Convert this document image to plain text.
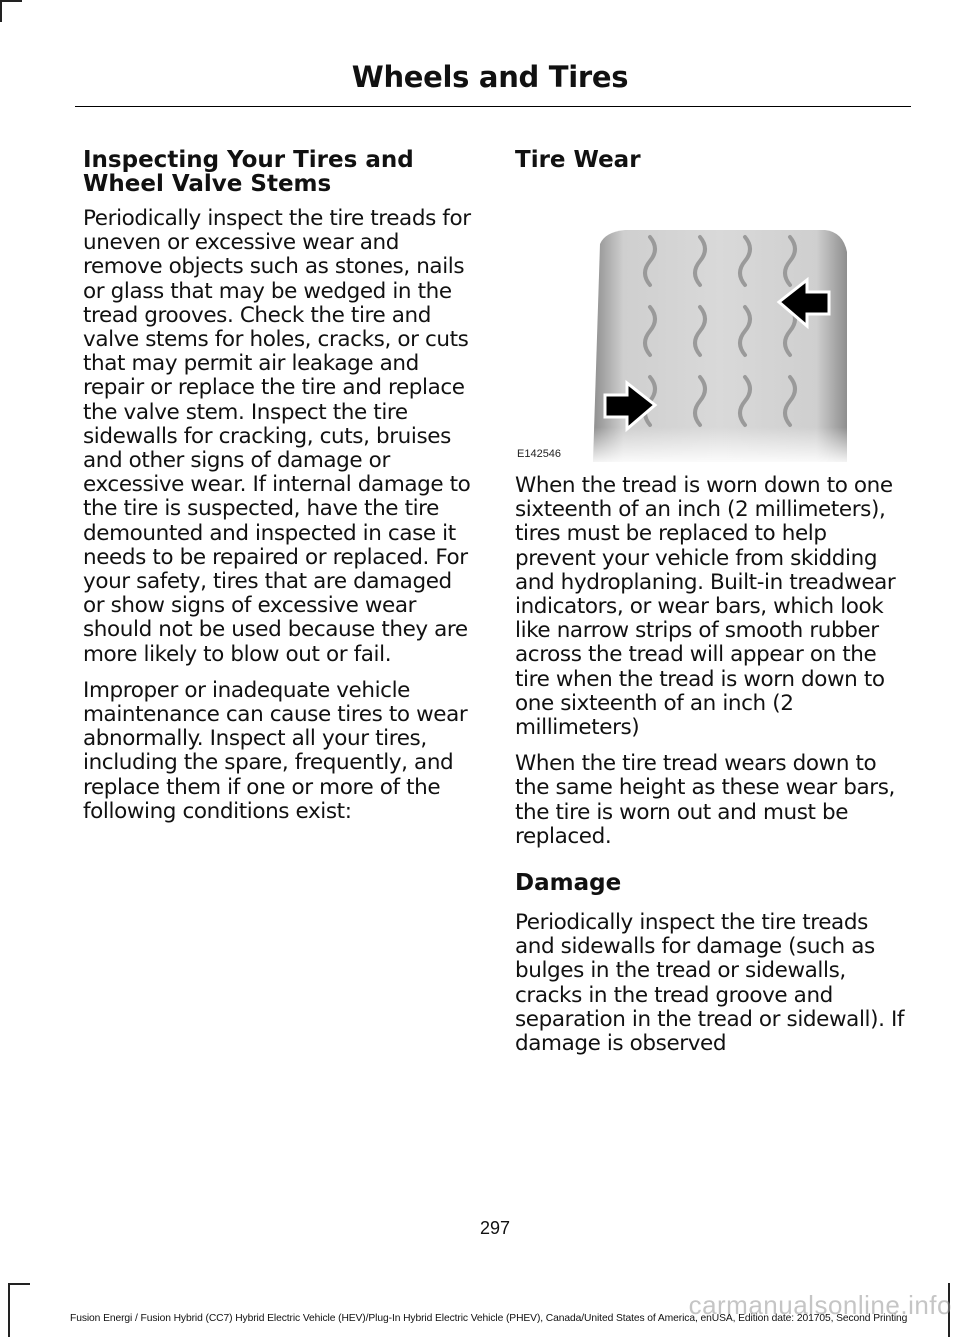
Wheels and Tires
Inspecting Your Tires and Wheel Valve Stems

Periodically inspect the tire treads for uneven or excessive wear and remove objects such as stones, nails or glass that may be wedged in the tread grooves. Check the tire and valve stems for holes, cracks, or cuts that may permit air leakage and repair or replace the tire and replace the valve stem. Inspect the tire sidewalls for cracking, cuts, bruises and other signs of damage or excessive wear. If internal damage to the tire is suspected, have the tire demounted and inspected in case it needs to be repaired or replaced. For your safety, tires that are damaged or show signs of excessive wear should not be used because they are more likely to blow out or fail.

Improper or inadequate vehicle maintenance can cause tires to wear abnormally. Inspect all your tires, including the spare, frequently, and replace them if one or more of the following conditions exist:

Tire Wear
E142546

When the tread is worn down to one sixteenth of an inch (2 millimeters), tires must be replaced to help prevent your vehicle from skidding and hydroplaning. Built-in treadwear indicators, or wear bars, which look like narrow strips of smooth rubber across the tread will appear on the tire when the tread is worn down to one sixteenth of an inch (2 millimeters)

When the tire tread wears down to the same height as these wear bars, the tire is worn out and must be replaced.

Damage

Periodically inspect the tire treads and sidewalls for damage (such as bulges in the tread or sidewalls, cracks in the tread groove and separation in the tread or sidewall). If damage is observed

297
Fusion Energi / Fusion Hybrid (CC7) Hybrid Electric Vehicle (HEV)/Plug-In Hybrid Electric Vehicle (PHEV), Canada/United States of America, enUSA, Edition date: 201705, Second Printing
carmanualsonline.info
